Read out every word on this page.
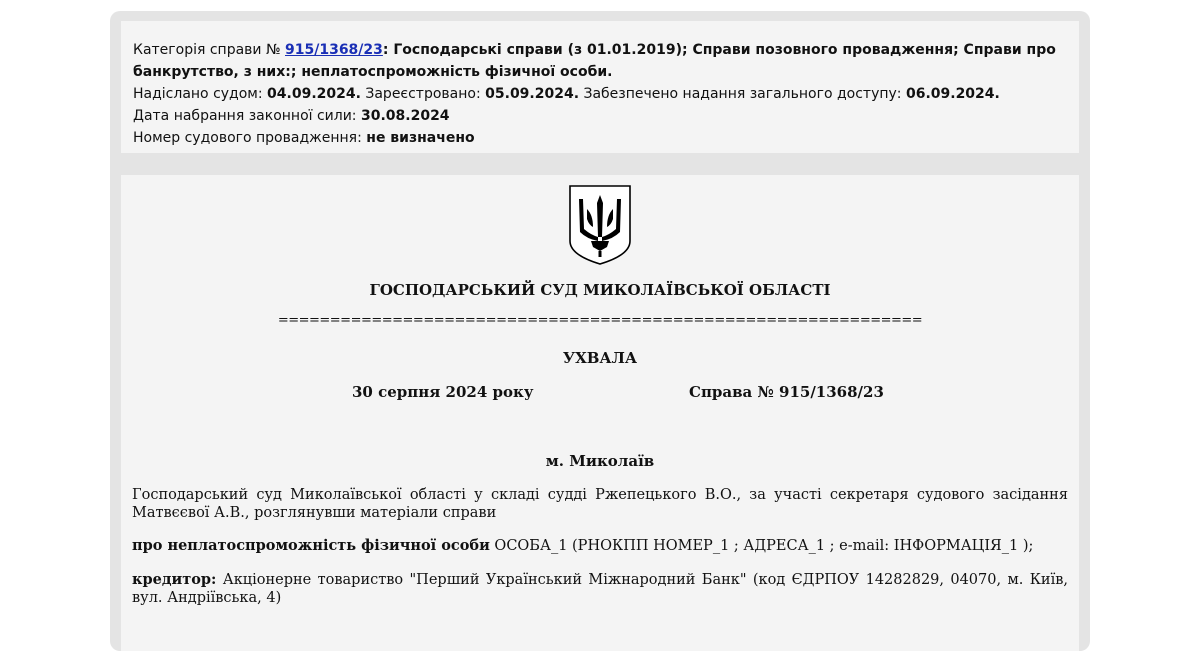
Категорія справи № 915/1368/23: Господарські справи (з 01.01.2019); Справи позовного провадження; Справи про банкрутство, з них:; неплатоспроможність фізичної особи.

Надіслано судом: 04.09.2024. Зареєстровано: 05.09.2024. Забезпечено надання загального доступу: 06.09.2024.

Дата набрання законної сили: 30.08.2024

Номер судового провадження: не визначено

ГОСПОДАРСЬКИЙ СУД МИКОЛАЇВСЬКОЇ ОБЛАСТІ
==============================================================
УХВАЛА
30 серпня 2024 року	Справа № 915/1368/23
м. Миколаїв

Господарський суд Миколаївської області у складі судді Ржепецького В.О., за участі секретаря судового засідання Матвєєвої А.В., розглянувши матеріали справи

про неплатоспроможність фізичної особи ОСОБА_1 (РНОКПП НОМЕР_1 ; АДРЕСА_1 ; e-mail: ІНФОРМАЦІЯ_1 );

кредитор: Акціонерне товариство "Перший Український Міжнародний Банк" (код ЄДРПОУ 14282829, 04070, м. Київ, вул. Андріївська, 4)
